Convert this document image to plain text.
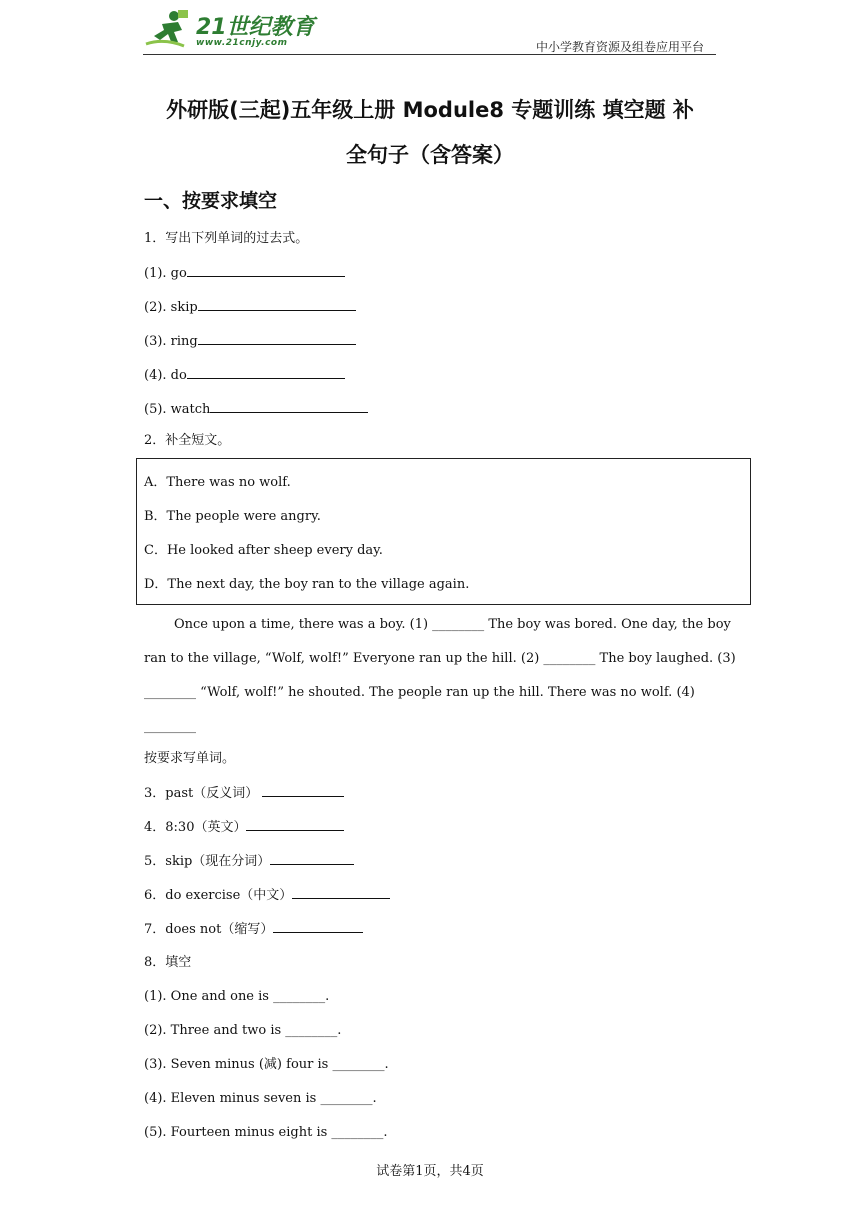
21世纪教育
www.21cnjy.com	中小学教育资源及组卷应用平台
外研版(三起)五年级上册 Module8 专题训练 填空题 补
全句子（含答案）
一、按要求填空
1．写出下列单词的过去式。
(1). go
(2). skip
(3). ring
(4). do
(5). watch
2．补全短文。
A．There was no wolf.
B．The people were angry.
C．He looked after sheep every day.
D．The next day, the boy ran to the village again.
Once upon a time, there was a boy. (1) ________ The boy was bored. One day, the boy
ran to the village, “Wolf, wolf!” Everyone ran up the hill. (2) ________ The boy laughed. (3)
________ “Wolf, wolf!” he shouted. The people ran up the hill. There was no wolf. (4)
________
按要求写单词。
3．past（反义词）
4．8:30（英文）
5．skip（现在分词）
6．do exercise（中文）
7．does not（缩写）
8．填空
(1). One and one is ________.
(2). Three and two is ________.
(3). Seven minus (减) four is ________.
(4). Eleven minus seven is ________.
(5). Fourteen minus eight is ________.
试卷第1页，共4页
